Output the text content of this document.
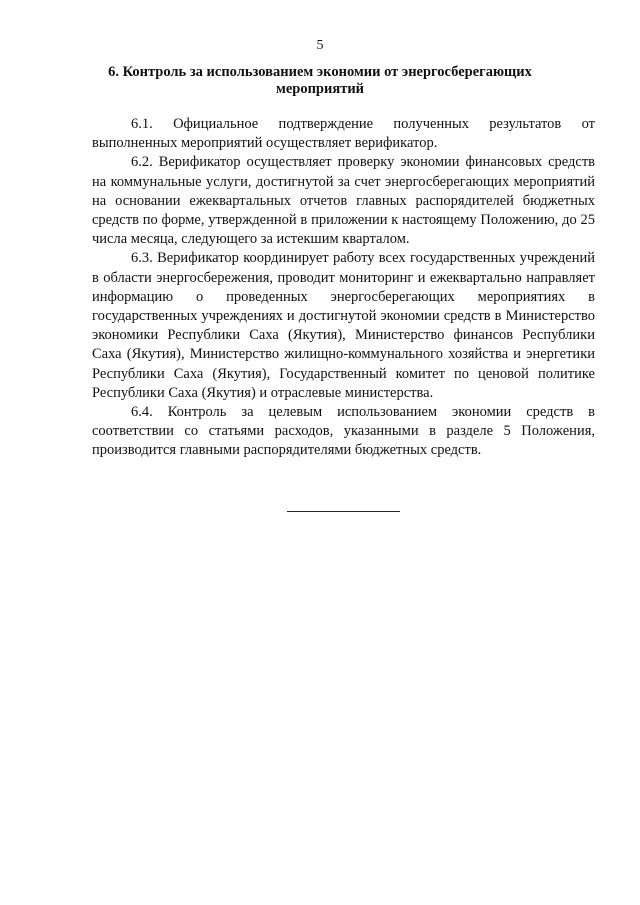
5
6. Контроль за использованием экономии от энергосберегающих мероприятий

6.1. Официальное подтверждение полученных результатов от выполненных мероприятий осуществляет верификатор.

6.2. Верификатор осуществляет проверку экономии финансовых средств на коммунальные услуги, достигнутой за счет энергосберегающих мероприятий на основании ежеквартальных отчетов главных распорядителей бюджетных средств по форме, утвержденной в приложении к настоящему Положению, до 25 числа месяца, следующего за истекшим кварталом.

6.3. Верификатор координирует работу всех государственных учреждений в области энергосбережения, проводит мониторинг и ежеквартально направляет информацию о проведенных энергосберегающих мероприятиях в государственных учреждениях и достигнутой экономии средств в Министерство экономики Республики Саха (Якутия), Министерство финансов Республики Саха (Якутия), Министерство жилищно-коммунального хозяйства и энергетики Республики Саха (Якутия), Государственный комитет по ценовой политике Республики Саха (Якутия) и отраслевые министерства.

6.4. Контроль за целевым использованием экономии средств в соответствии со статьями расходов, указанными в разделе 5 Положения, производится главными распорядителями бюджетных средств.
